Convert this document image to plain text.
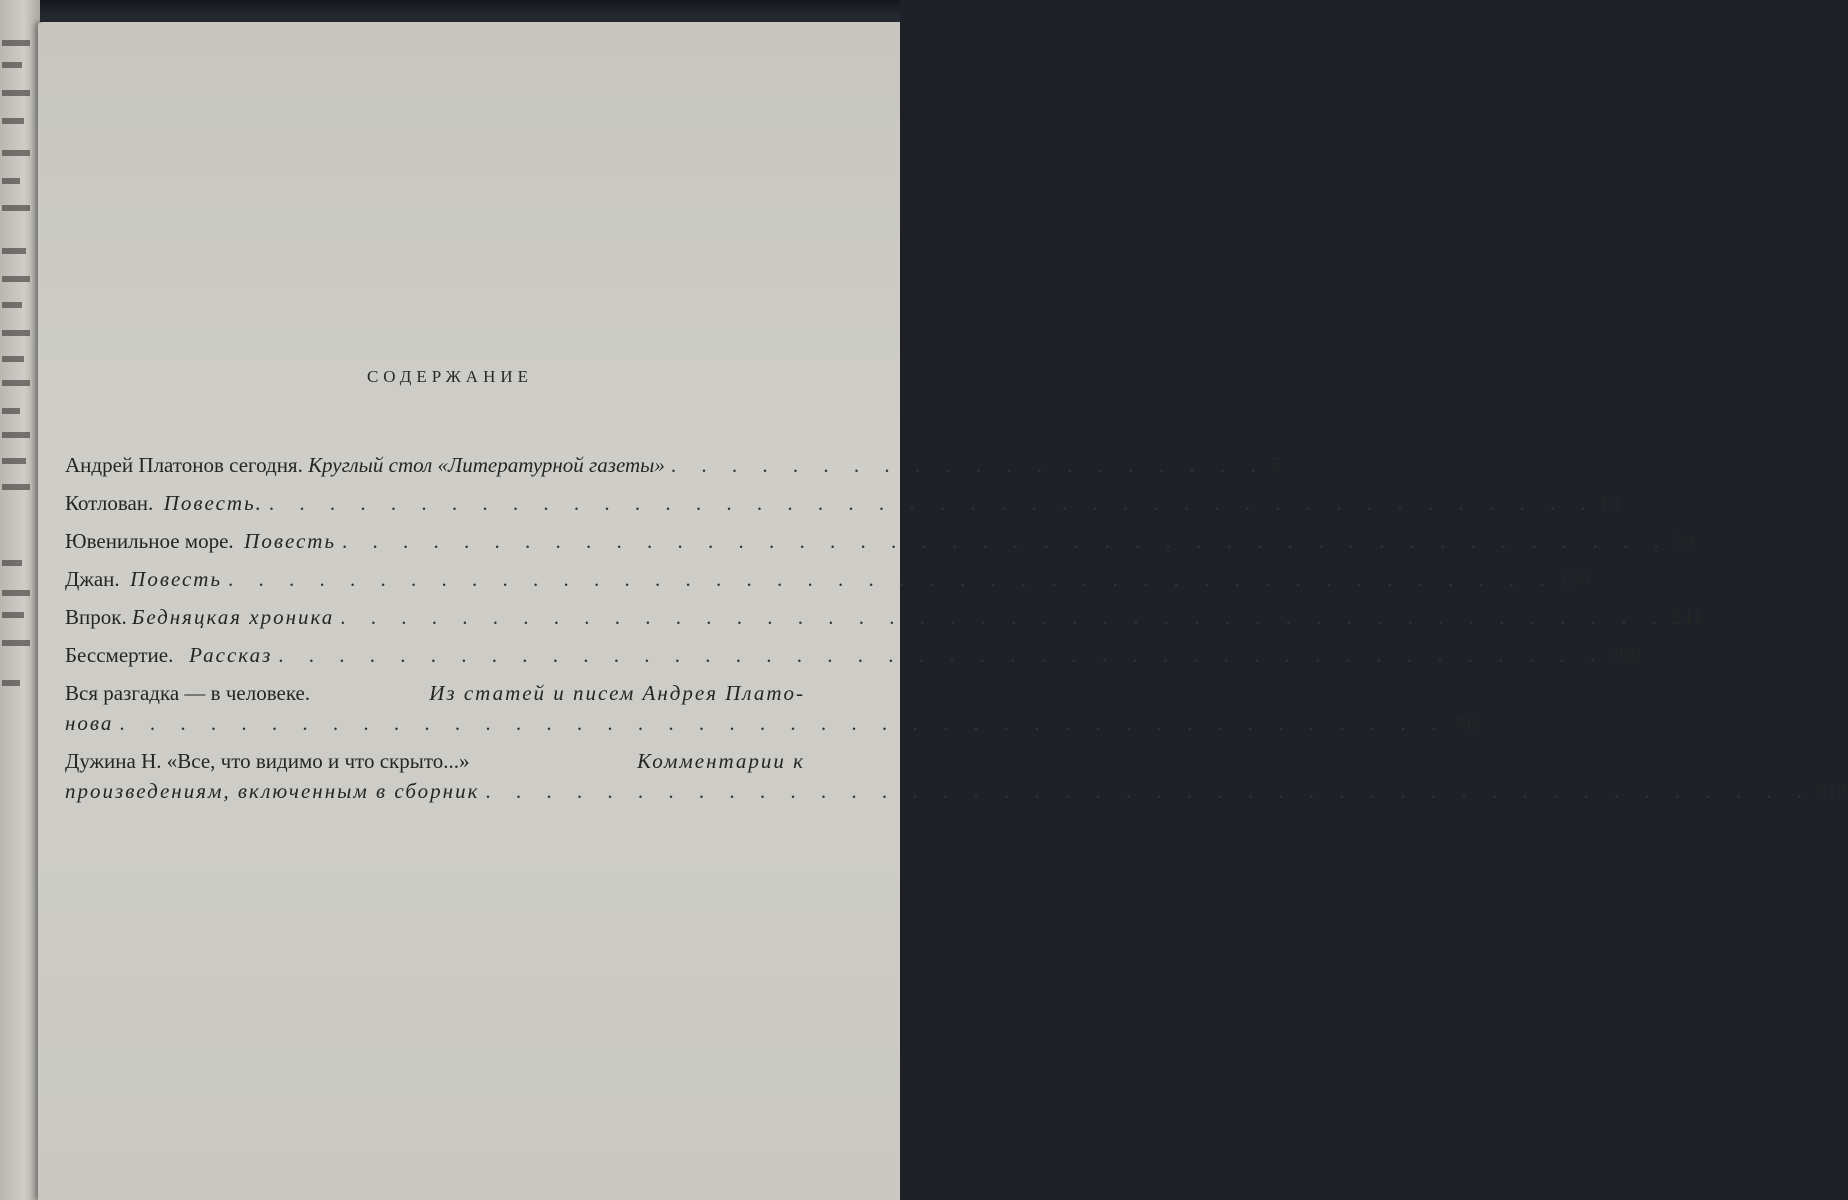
СОДЕРЖАНИЕ
Андрей Платонов сегодня.
Круглый стол «Литературной газеты» . . . . . . . . . . . . . . . . . . . . 5
Котлован.
Повесть. . . . . . . . . . . . . . . . . . . . . . . . . . . . . . . . . . . . . . . . . . . . . 14
Ювенильное море.
Повесть . . . . . . . . . . . . . . . . . . . . . . . . . . . . . . . . . . . . . . . . . . . . 98
Джан.
Повесть . . . . . . . . . . . . . . . . . . . . . . . . . . . . . . . . . . . . . . . . . . . . 156
Впрок.
Бедняцкая хроника . . . . . . . . . . . . . . . . . . . . . . . . . . . . . . . . . . . . . . . . . . . . 241
Бессмертие.
Рассказ . . . . . . . . . . . . . . . . . . . . . . . . . . . . . . . . . . . . . . . . . . . . 290
Вся разгадка — в человеке.	Из статей и писем Андрея Плато-
нова . . . . . . . . . . . . . . . . . . . . . . . . . . . . . . . . . . . . . . . . . . . . 305
Дужина Н. «Все, что видимо и что скрыто...»	Комментарии к
произведениям, включенным в сборник . . . . . . . . . . . . . . . . . . . . . . . . . . . . . . . . . . . . . . . . . . . . 312
